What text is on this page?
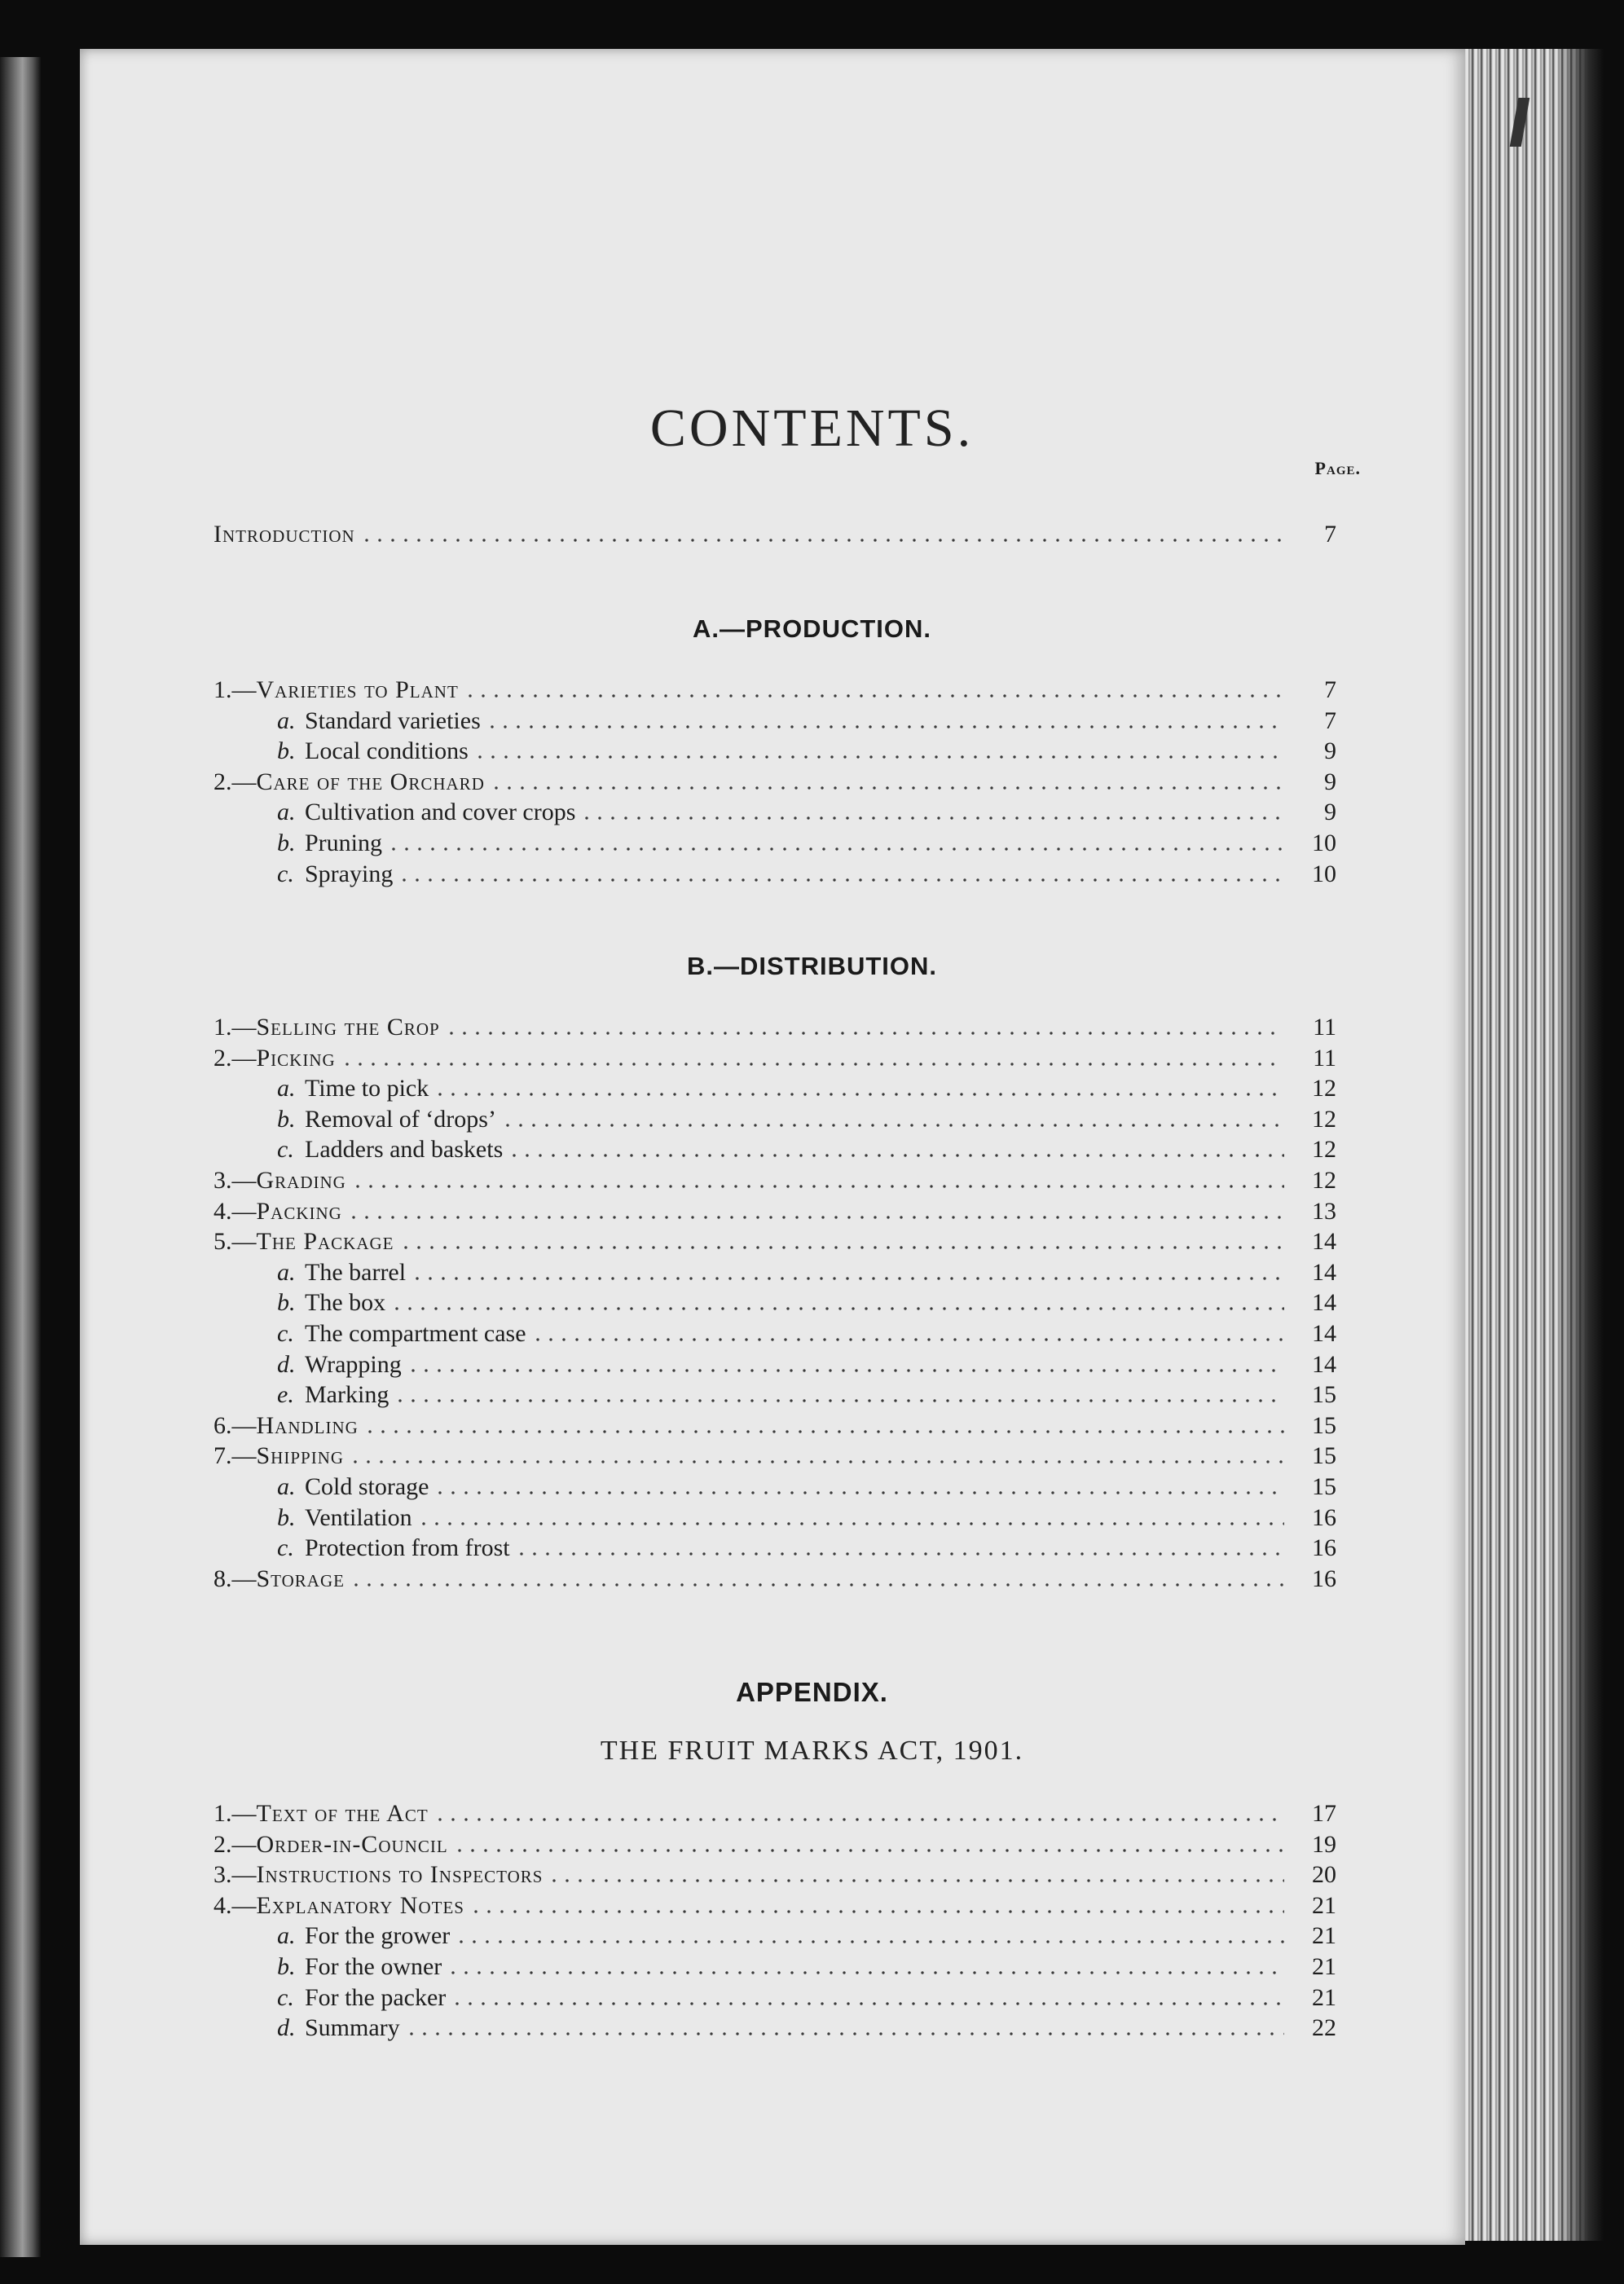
CONTENTS.
Page.
Introduction	7
A.—PRODUCTION.
1.— Varieties to Plant	7
a. Standard varieties	7
b. Local conditions	9
2.— Care of the Orchard	9
a. Cultivation and cover crops	9
b. Pruning	10
c. Spraying	10
B.—DISTRIBUTION.
1.— Selling the Crop	11
2.— Picking	11
a. Time to pick	12
b. Removal of ‘drops’	12
c. Ladders and baskets	12
3.— Grading	12
4.— Packing	13
5.— The Package	14
a. The barrel	14
b. The box	14
c. The compartment case	14
d. Wrapping	14
e. Marking	15
6.— Handling	15
7.— Shipping	15
a. Cold storage	15
b. Ventilation	16
c. Protection from frost	16
8.— Storage	16
APPENDIX.
THE FRUIT MARKS ACT, 1901.
1.— Text of the Act	17
2.— Order-in-Council	19
3.— Instructions to Inspectors	20
4.— Explanatory Notes	21
a. For the grower	21
b. For the owner	21
c. For the packer	21
d. Summary	22
